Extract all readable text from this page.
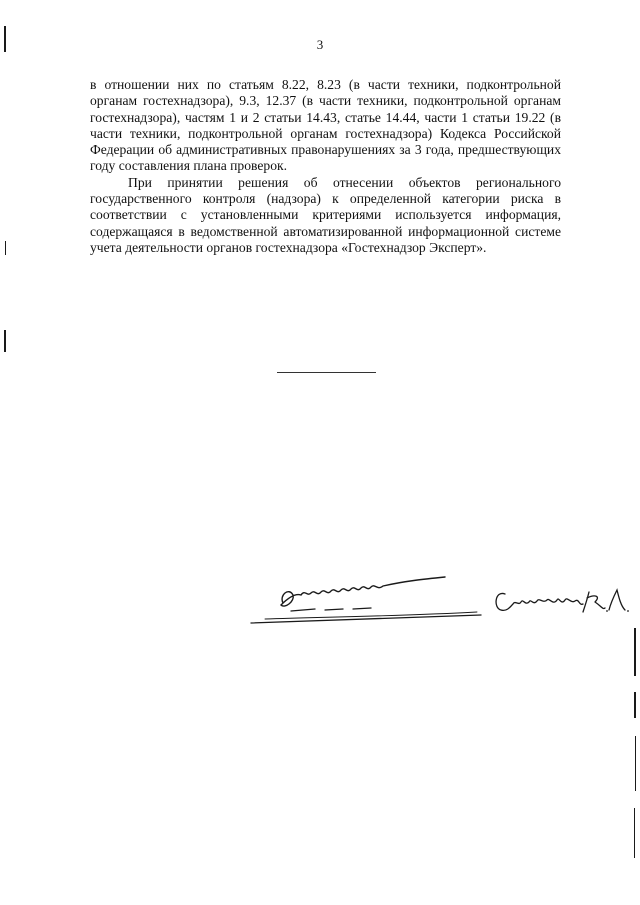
3

в отношении них по статьям 8.22, 8.23 (в части техники, подконтрольной органам гостехнадзора), 9.3, 12.37 (в части техники, подконтрольной органам гостехнадзора), частям 1 и 2 статьи 14.43, статье 14.44, части 1 статьи 19.22 (в части техники, подконтрольной органам гостехнадзора) Кодекса Российской Федерации об административных правонарушениях за 3 года, предшествующих году составления плана проверок.

При принятии решения об отнесении объектов регионального государственного контроля (надзора) к определенной категории риска в соответствии с установленными критериями используется информация, содержащаяся в ведомственной автоматизированной информационной системе учета деятельности органов гостехнадзора «Гостехнадзор Эксперт».
